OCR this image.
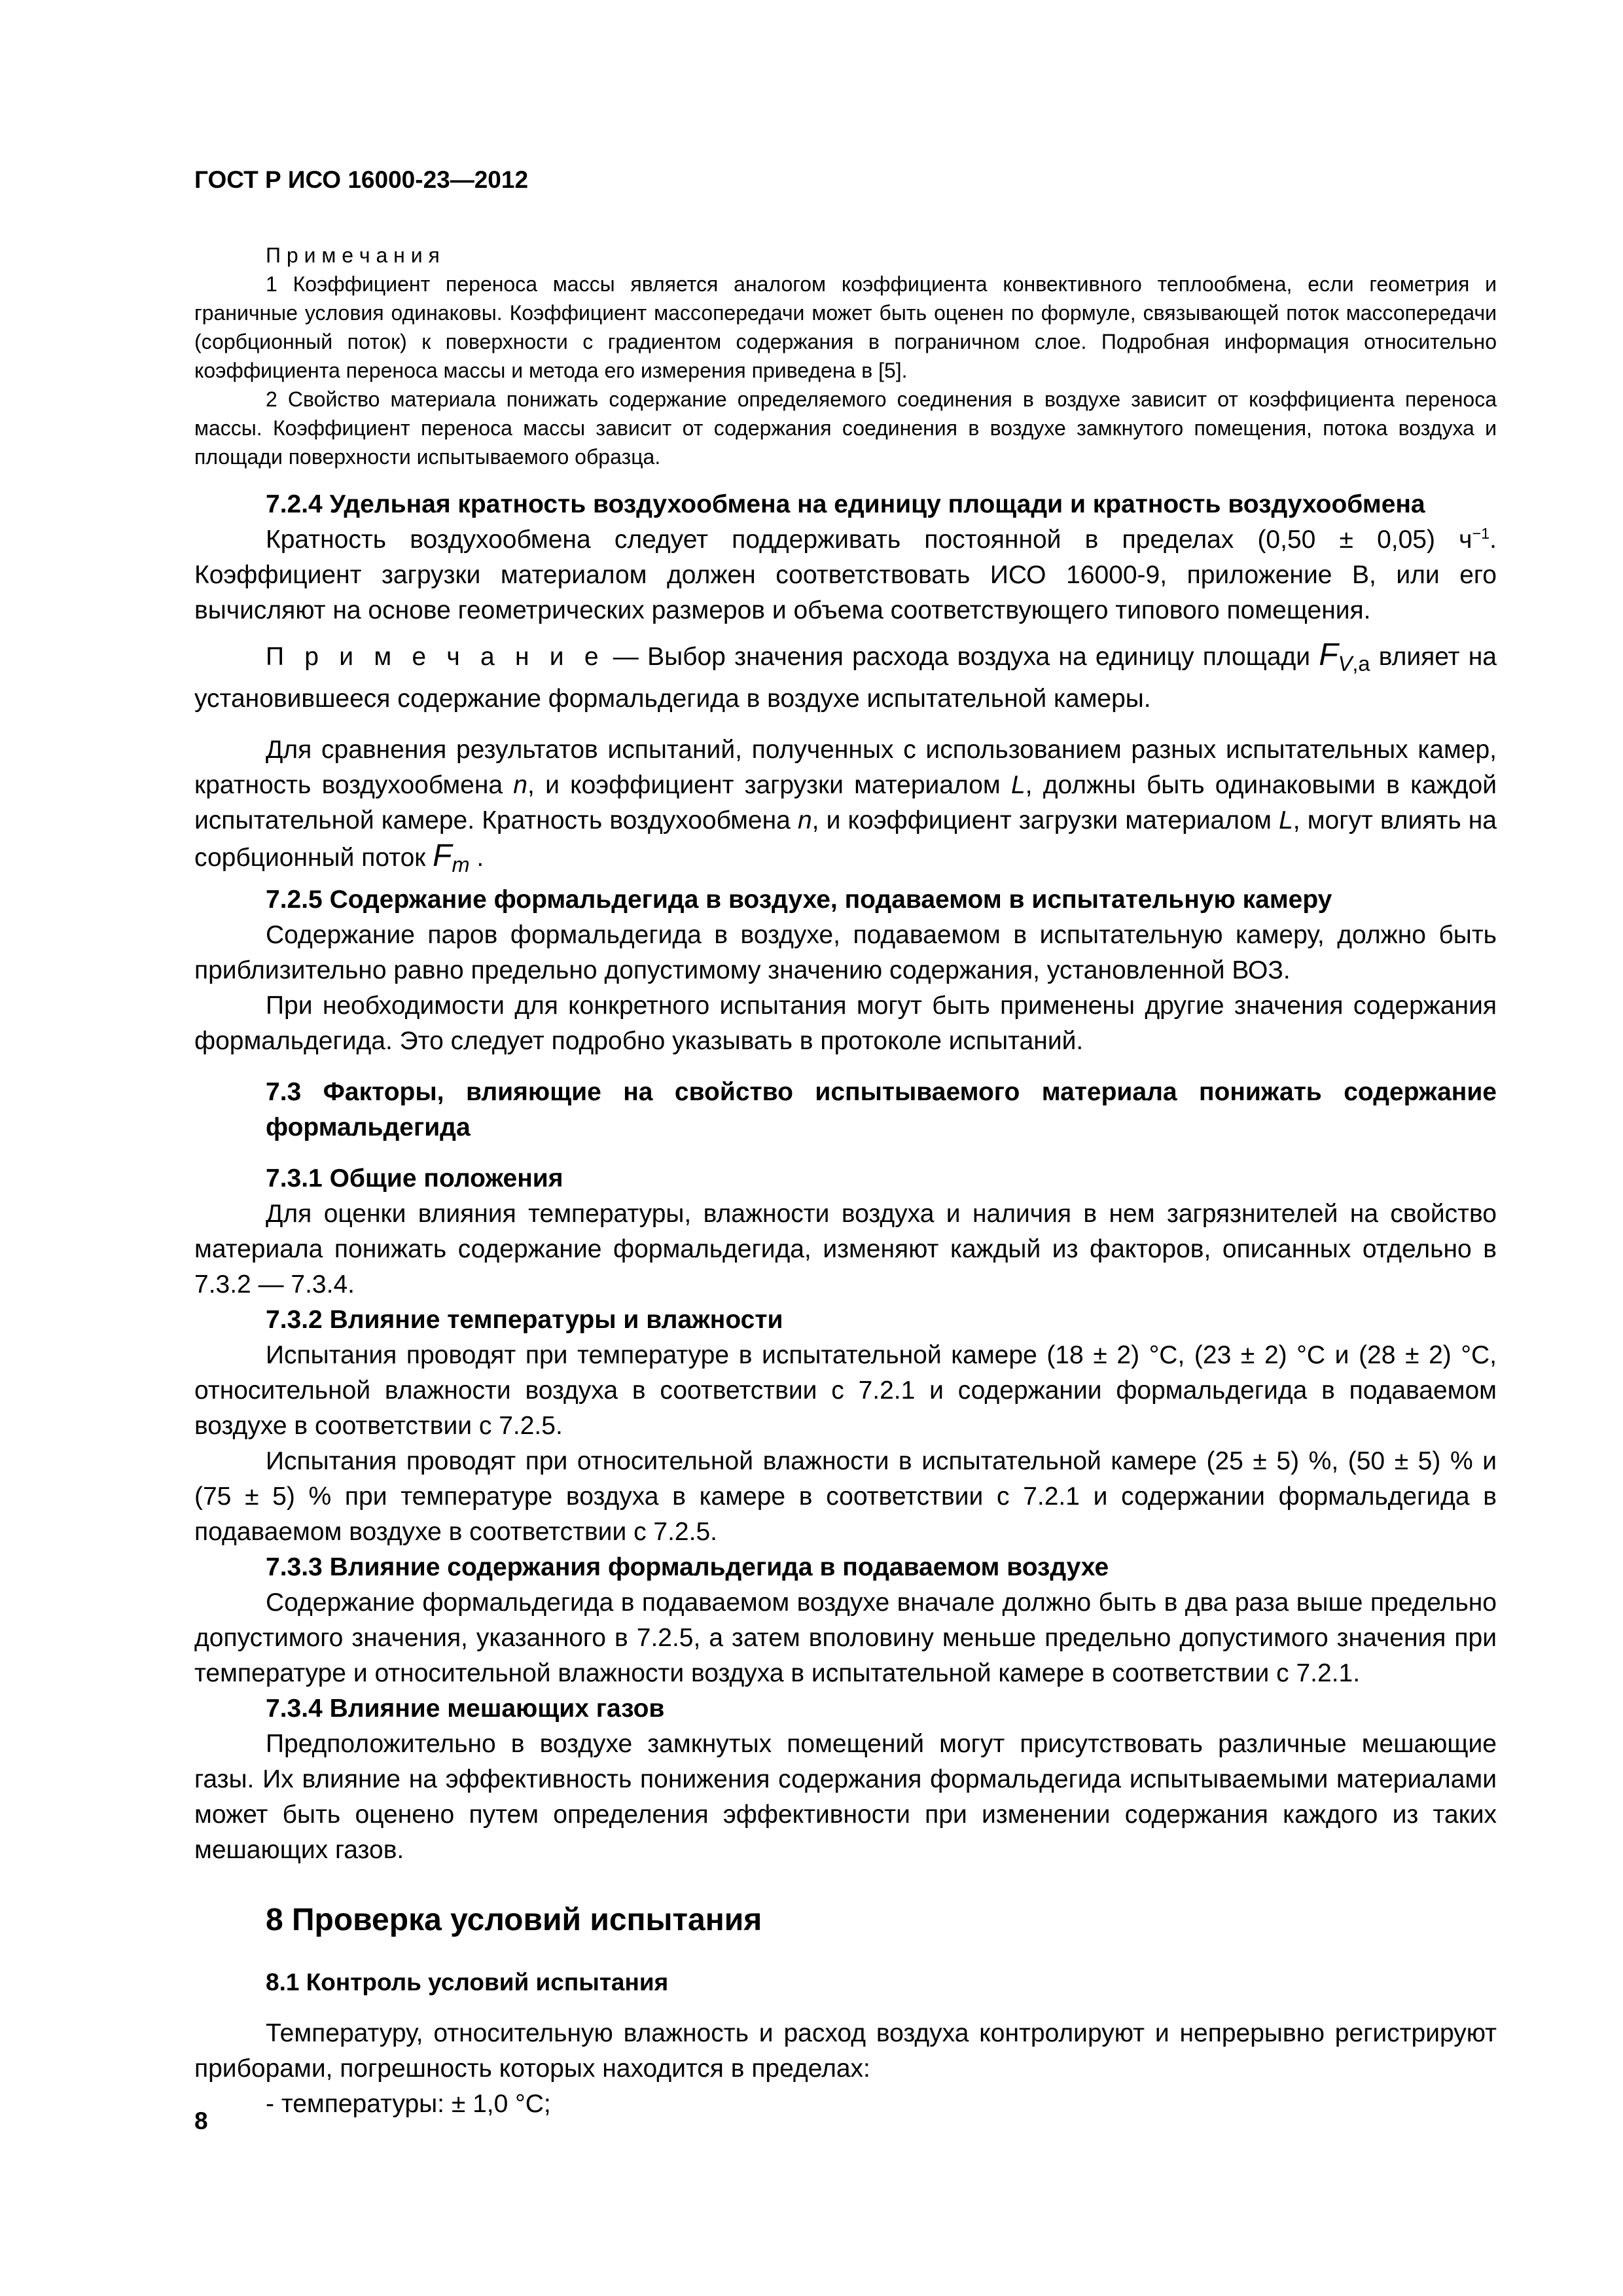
ГОСТ Р ИСО 16000-23—2012

П р и м е ч а н и я

1 Коэффициент переноса массы является аналогом коэффициента конвективного теплообмена, если геометрия и граничные условия одинаковы. Коэффициент массопередачи может быть оценен по формуле, связывающей поток массопередачи (сорбционный поток) к поверхности с градиентом содержания в пограничном слое. Подробная информация относительно коэффициента переноса массы и метода его измерения приведена в [5].

2 Свойство материала понижать содержание определяемого соединения в воздухе зависит от коэффициента переноса массы. Коэффициент переноса массы зависит от содержания соединения в воздухе замкнутого помещения, потока воздуха и площади поверхности испытываемого образца.

7.2.4 Удельная кратность воздухообмена на единицу площади и кратность воздухообмена

Кратность воздухообмена следует поддерживать постоянной в пределах (0,50 ± 0,05) $ч^{-1}$. Коэффициент загрузки материалом должен соответствовать ИСО 16000-9, приложение В, или его вычисляют на основе геометрических размеров и объема соответствующего типового помещения.

П р и м е ч а н и е — Выбор значения расхода воздуха на единицу площади $F_{V,a}$ влияет на установившееся содержание формальдегида в воздухе испытательной камеры.

Для сравнения результатов испытаний, полученных с использованием разных испытательных камер, кратность воздухообмена n, и коэффициент загрузки материалом L, должны быть одинаковыми в каждой испытательной камере. Кратность воздухообмена n, и коэффициент загрузки материалом L, могут влиять на сорбционный поток $F_m$ .

7.2.5 Содержание формальдегида в воздухе, подаваемом в испытательную камеру

Содержание паров формальдегида в воздухе, подаваемом в испытательную камеру, должно быть приблизительно равно предельно допустимому значению содержания, установленной ВОЗ.

При необходимости для конкретного испытания могут быть применены другие значения содержания формальдегида. Это следует подробно указывать в протоколе испытаний.

7.3 Факторы, влияющие на свойство испытываемого материала понижать содержание формальдегида
7.3.1 Общие положения

Для оценки влияния температуры, влажности воздуха и наличия в нем загрязнителей на свойство материала понижать содержание формальдегида, изменяют каждый из факторов, описанных отдельно в 7.3.2 — 7.3.4.

7.3.2 Влияние температуры и влажности

Испытания проводят при температуре в испытательной камере (18 ± 2) °С, (23 ± 2) °С и (28 ± 2) °С, относительной влажности воздуха в соответствии с 7.2.1 и содержании формальдегида в подаваемом воздухе в соответствии с 7.2.5.

Испытания проводят при относительной влажности в испытательной камере (25 ± 5) %, (50 ± 5) % и (75 ± 5) % при температуре воздуха в камере в соответствии с 7.2.1 и содержании формальдегида в подаваемом воздухе в соответствии с 7.2.5.

7.3.3 Влияние содержания формальдегида в подаваемом воздухе

Содержание формальдегида в подаваемом воздухе вначале должно быть в два раза выше предельно допустимого значения, указанного в 7.2.5, а затем вполовину меньше предельно допустимого значения при температуре и относительной влажности воздуха в испытательной камере в соответствии с 7.2.1.

7.3.4 Влияние мешающих газов

Предположительно в воздухе замкнутых помещений могут присутствовать различные мешающие газы. Их влияние на эффективность понижения содержания формальдегида испытываемыми материалами может быть оценено путем определения эффективности при изменении содержания каждого из таких мешающих газов.

8 Проверка условий испытания
8.1 Контроль условий испытания

Температуру, относительную влажность и расход воздуха контролируют и непрерывно регистрируют приборами, погрешность которых находится в пределах:

- температуры: ± 1,0 °С;

8
